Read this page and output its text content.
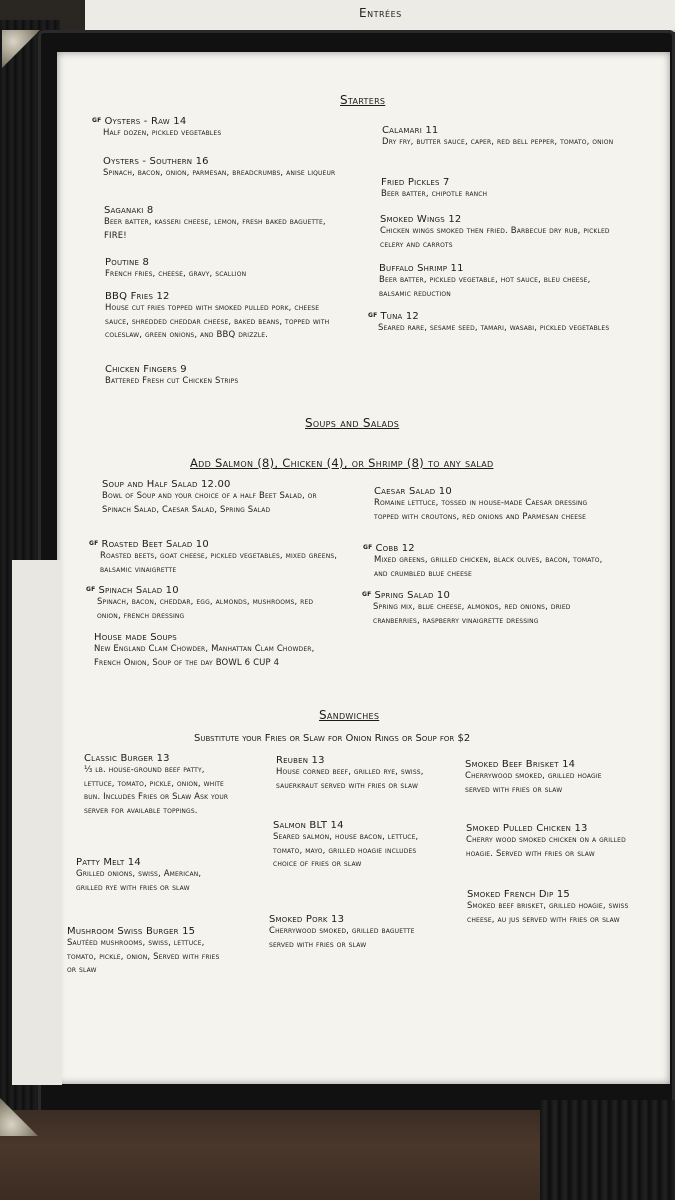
Entrées
Starters
$^{GF}$ Oysters - Raw 14
Half dozen, pickled vegetables
Oysters - Southern 16
Spinach, bacon, onion, parmesan, breadcrumbs, anise liqueur
Saganaki 8
Beer batter, kasseri cheese, lemon, fresh baked baguette, FIRE!
Poutine 8
French fries, cheese, gravy, scallion
BBQ Fries 12
House cut fries topped with smoked pulled pork, cheese sauce, shredded cheddar cheese, baked beans, topped with coleslaw, green onions, and BBQ drizzle.
Chicken Fingers 9
Battered Fresh cut Chicken Strips
Calamari 11
Dry fry, butter sauce, caper, red bell pepper, tomato, onion
Fried Pickles 7
Beer batter, chipotle ranch
Smoked Wings 12
Chicken wings smoked then fried. Barbecue dry rub, pickled celery and carrots
Buffalo Shrimp 11
Beer batter, pickled vegetable, hot sauce, bleu cheese, balsamic reduction
$^{GF}$ Tuna 12
Seared rare, sesame seed, tamari, wasabi, pickled vegetables
Soups and Salads
Add Salmon (8), Chicken (4), or Shrimp (8) to any salad
Soup and Half Salad 12.00
Bowl of Soup and your choice of a half Beet Salad, or Spinach Salad, Caesar Salad, Spring Salad
$^{GF}$ Roasted Beet Salad 10
Roasted beets, goat cheese, pickled vegetables, mixed greens, balsamic vinaigrette
$^{GF}$ Spinach Salad 10
Spinach, bacon, cheddar, egg, almonds, mushrooms, red onion, french dressing
House made Soups
New England Clam Chowder, Manhattan Clam Chowder, French Onion, Soup of the day BOWL 6 CUP 4
Caesar Salad 10
Romaine lettuce, tossed in house-made Caesar dressing topped with croutons, red onions and Parmesan cheese
$^{GF}$ Cobb 12
Mixed greens, grilled chicken, black olives, bacon, tomato, and crumbled blue cheese
$^{GF}$ Spring Salad 10
Spring mix, blue cheese, almonds, red onions, dried cranberries, raspberry vinaigrette dressing
Sandwiches
Substitute your Fries or Slaw for Onion Rings or Soup for $2
Classic Burger 13
⅓ lb. house-ground beef patty, lettuce, tomato, pickle, onion, white bun. Includes Fries or Slaw Ask your server for available toppings.
Patty Melt 14
Grilled onions, swiss, American, grilled rye with fries or slaw
Mushroom Swiss Burger 15
Sautéed mushrooms, swiss, lettuce, tomato, pickle, onion, Served with fries or slaw
Reuben 13
House corned beef, grilled rye, swiss, sauerkraut served with fries or slaw
Salmon BLT 14
Seared salmon, house bacon, lettuce, tomato, mayo, grilled hoagie includes choice of fries or slaw
Smoked Pork 13
Cherrywood smoked, grilled baguette served with fries or slaw
Smoked Beef Brisket 14
Cherrywood smoked, grilled hoagie served with fries or slaw
Smoked Pulled Chicken 13
Cherry wood smoked chicken on a grilled hoagie. Served with fries or slaw
Smoked French Dip 15
Smoked beef brisket, grilled hoagie, swiss cheese, au jus served with fries or slaw
